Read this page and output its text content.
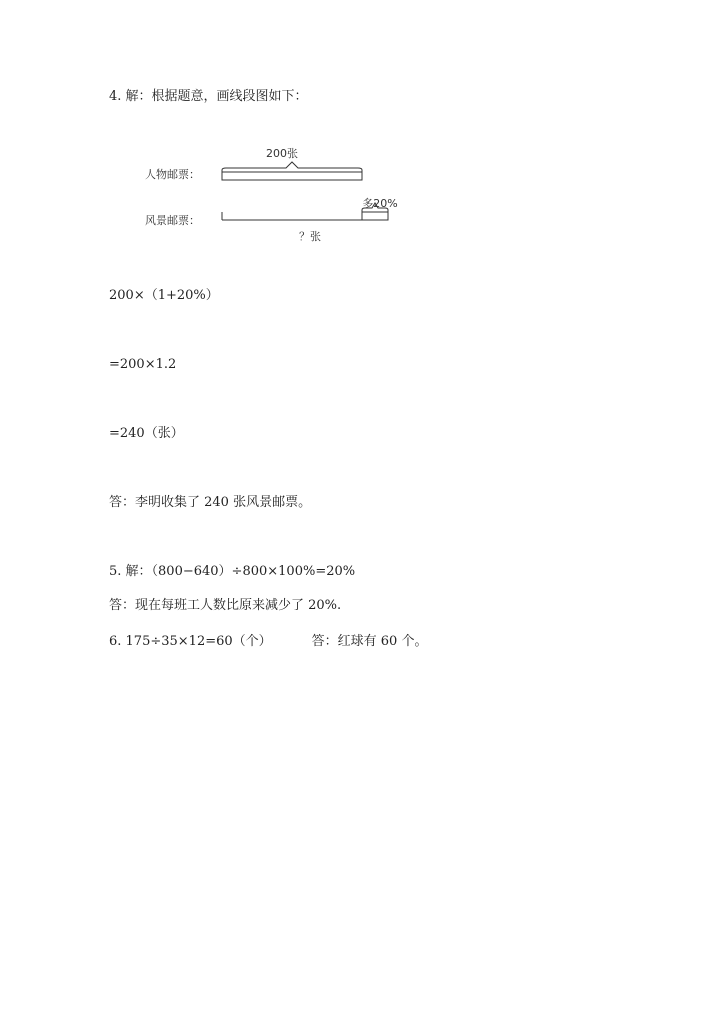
4. 解：根据题意，画线段图如下：
人物邮票：
200张
风景邮票：
多20%
？张
200×（1+20%）
=200×1.2
=240（张）
答：李明收集了 240 张风景邮票。
5. 解：（800−640）÷800×100%=20%
答：现在每班工人数比原来减少了 20%.
6. 175÷35×12=60（个）	答：红球有 60 个。
